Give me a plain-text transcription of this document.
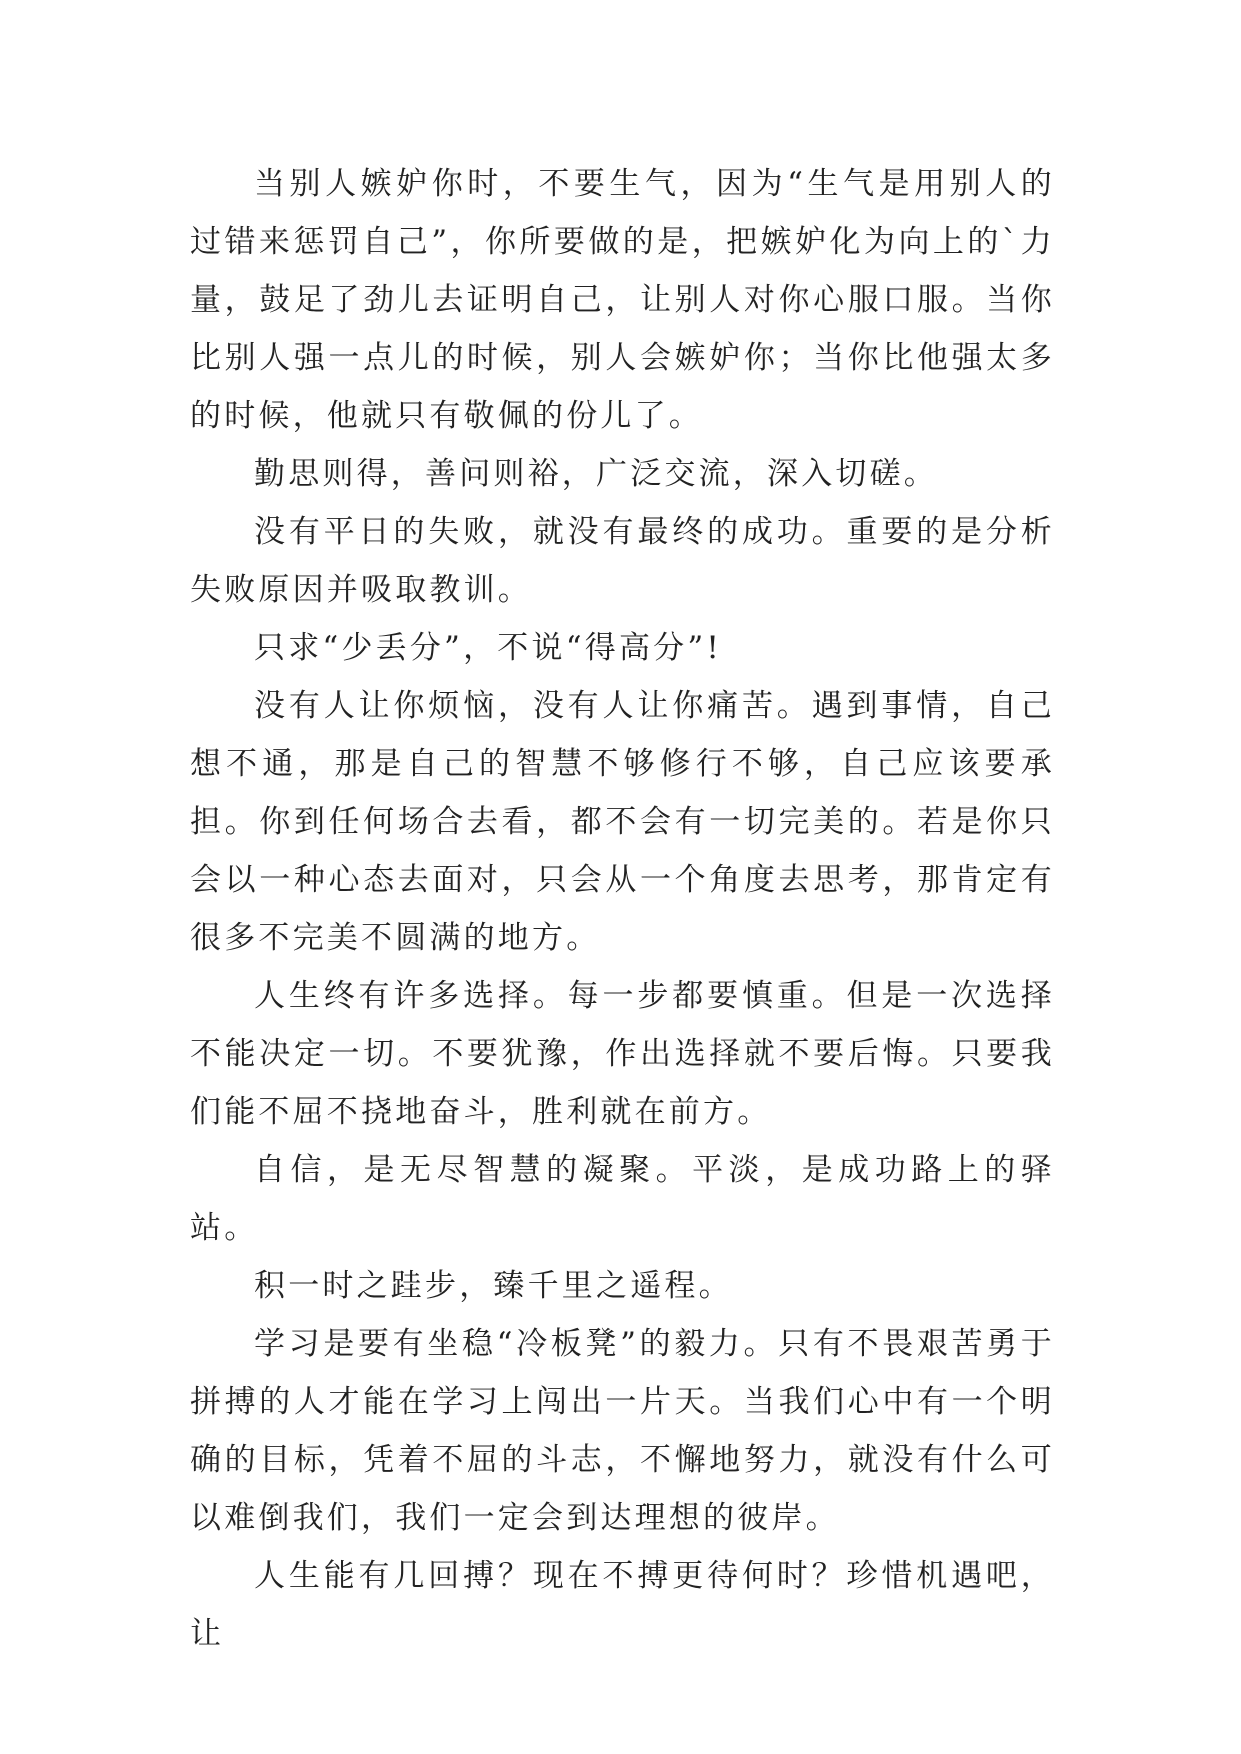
当别人嫉妒你时，不要生气，因为“生气是用别人的过错来惩罚自己”，你所要做的是，把嫉妒化为向上的`力量，鼓足了劲儿去证明自己，让别人对你心服口服。当你比别人强一点儿的时候，别人会嫉妒你；当你比他强太多的时候，他就只有敬佩的份儿了。

勤思则得，善问则裕，广泛交流，深入切磋。

没有平日的失败，就没有最终的成功。重要的是分析失败原因并吸取教训。

只求“少丢分”，不说“得高分”!

没有人让你烦恼，没有人让你痛苦。遇到事情，自己想不通，那是自己的智慧不够修行不够，自己应该要承担。你到任何场合去看，都不会有一切完美的。若是你只会以一种心态去面对，只会从一个角度去思考，那肯定有很多不完美不圆满的地方。

人生终有许多选择。每一步都要慎重。但是一次选择不能决定一切。不要犹豫，作出选择就不要后悔。只要我们能不屈不挠地奋斗，胜利就在前方。

自信，是无尽智慧的凝聚。平淡，是成功路上的驿站。

积一时之跬步，臻千里之遥程。

学习是要有坐稳“冷板凳”的毅力。只有不畏艰苦勇于拼搏的人才能在学习上闯出一片天。当我们心中有一个明确的目标，凭着不屈的斗志，不懈地努力，就没有什么可以难倒我们，我们一定会到达理想的彼岸。

人生能有几回搏？现在不搏更待何时？珍惜机遇吧，让
